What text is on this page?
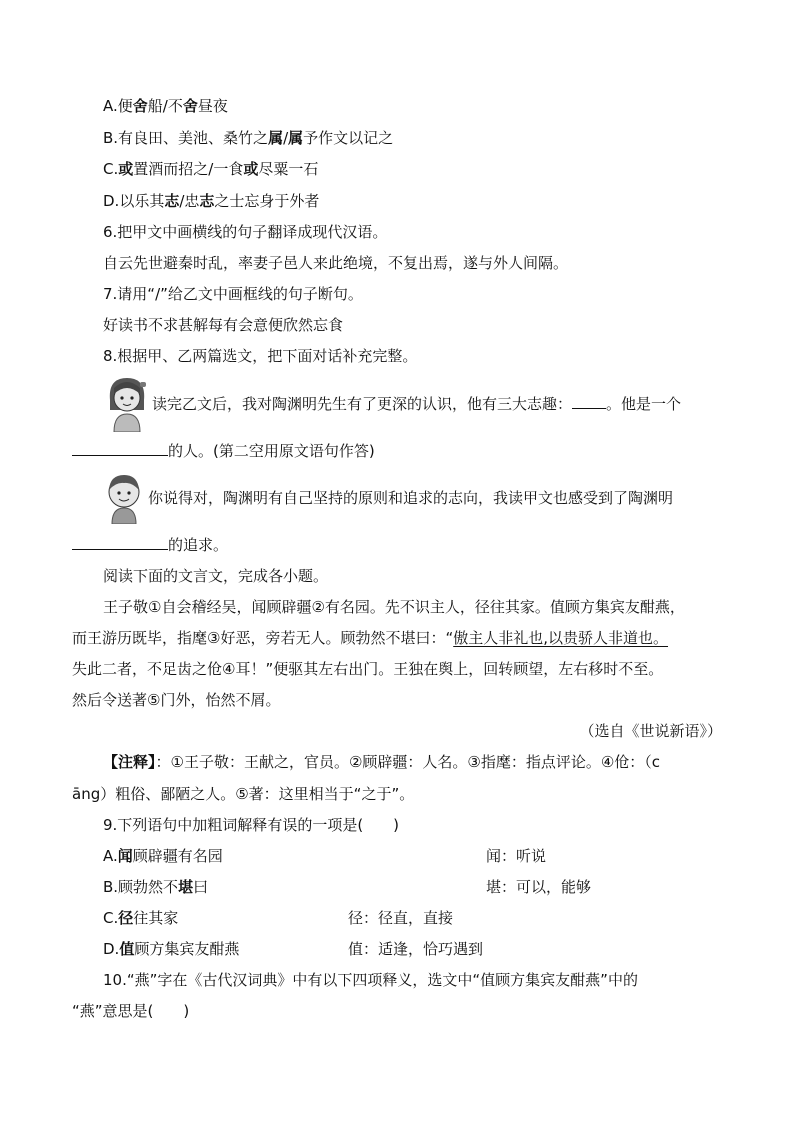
A.便舍船/不舍昼夜
B.有良田、美池、桑竹之属/属予作文以记之
C.或置酒而招之/一食或尽粟一石
D.以乐其志/忠志之士忘身于外者
6.把甲文中画横线的句子翻译成现代汉语。
自云先世避秦时乱，率妻子邑人来此绝境，不复出焉，遂与外人间隔。
7.请用“/”给乙文中画框线的句子断句。
好读书不求甚解每有会意便欣然忘食
8.根据甲、乙两篇选文，把下面对话补充完整。
读完乙文后，我对陶渊明先生有了更深的认识，他有三大志趣： 。他是一个
的人。(第二空用原文语句作答)
你说得对，陶渊明有自己坚持的原则和追求的志向，我读甲文也感受到了陶渊明
的追求。
阅读下面的文言文，完成各小题。
王子敬①自会稽经吴，闻顾辟疆②有名园。先不识主人，径往其家。值顾方集宾友酣燕，
而王游历既毕，指麾③好恶，旁若无人。顾勃然不堪曰：“傲主人非礼也,以贵骄人非道也。
失此二者，不足齿之伧④耳！”便驱其左右出门。王独在舆上，回转顾望，左右移时不至。
然后令送著⑤门外，怡然不屑。
（选自《世说新语》）
【注释】：①王子敬：王献之，官员。②顾辟疆：人名。③指麾：指点评论。④伧：（c
āng）粗俗、鄙陋之人。⑤著：这里相当于“之于”。
9.下列语句中加粗词解释有误的一项是(　　)
A.闻顾辟疆有名园	闻：听说
B.顾勃然不堪曰	堪：可以，能够
C.径往其家	径：径直，直接
D.值顾方集宾友酣燕	值：适逢，恰巧遇到
10.“燕”字在《古代汉词典》中有以下四项释义，选文中“值顾方集宾友酣燕”中的
“燕”意思是(　　)
